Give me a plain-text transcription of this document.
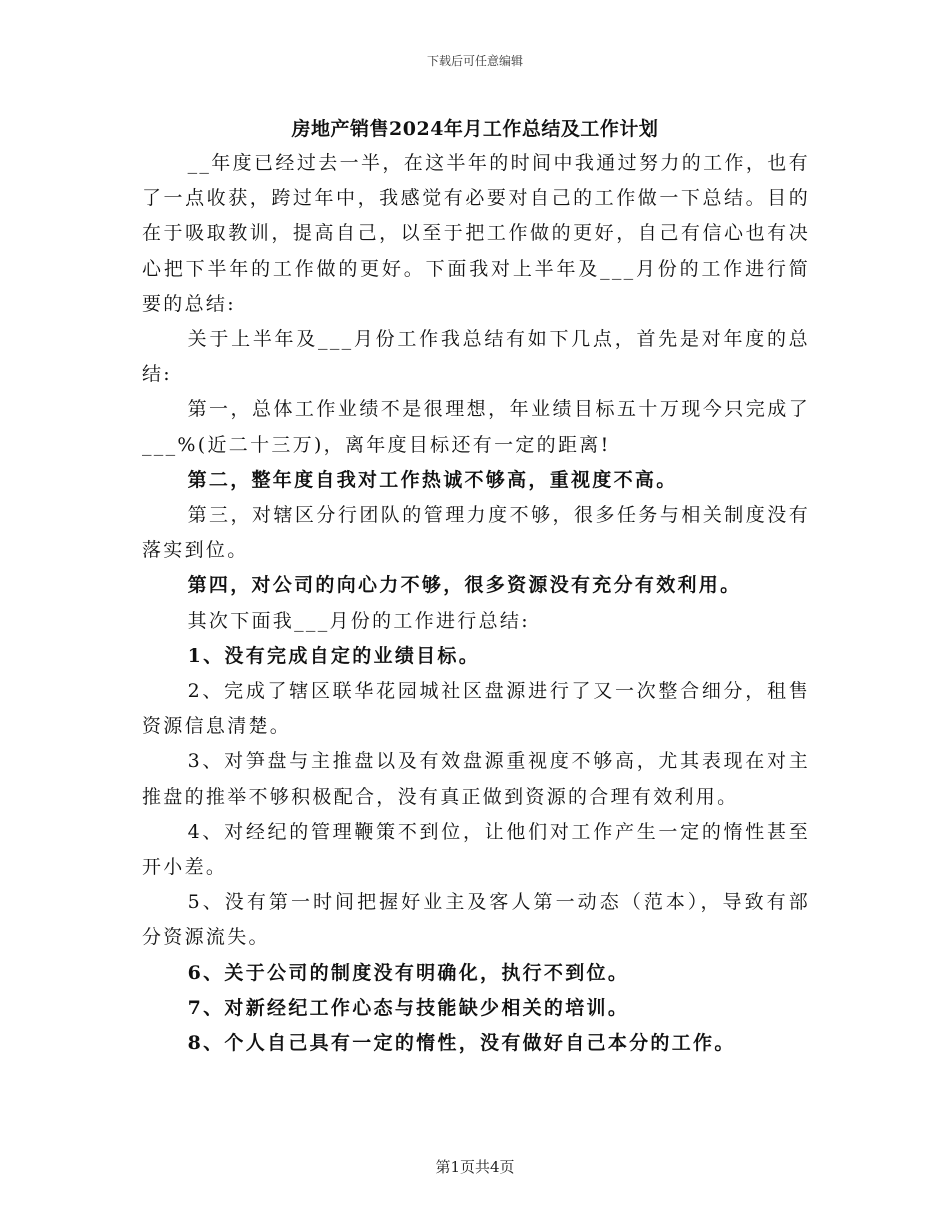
下载后可任意编辑
房地产销售2024年月工作总结及工作计划

__年度已经过去一半，在这半年的时间中我通过努力的工作，也有了一点收获，跨过年中，我感觉有必要对自己的工作做一下总结。目的在于吸取教训，提高自己，以至于把工作做的更好，自己有信心也有决心把下半年的工作做的更好。下面我对上半年及___月份的工作进行简要的总结:

关于上半年及___月份工作我总结有如下几点，首先是对年度的总结:

第一，总体工作业绩不是很理想，年业绩目标五十万现今只完成了___%(近二十三万)，离年度目标还有一定的距离!

第二，整年度自我对工作热诚不够高，重视度不高。

第三，对辖区分行团队的管理力度不够，很多任务与相关制度没有落实到位。

第四，对公司的向心力不够，很多资源没有充分有效利用。

其次下面我___月份的工作进行总结:

1、没有完成自定的业绩目标。

2、完成了辖区联华花园城社区盘源进行了又一次整合细分，租售资源信息清楚。

3、对笋盘与主推盘以及有效盘源重视度不够高，尤其表现在对主推盘的推举不够积极配合，没有真正做到资源的合理有效利用。

4、对经纪的管理鞭策不到位，让他们对工作产生一定的惰性甚至开小差。

5、没有第一时间把握好业主及客人第一动态（范本），导致有部分资源流失。

6、关于公司的制度没有明确化，执行不到位。

7、对新经纪工作心态与技能缺少相关的培训。

8、个人自己具有一定的惰性，没有做好自己本分的工作。

第1页共4页
